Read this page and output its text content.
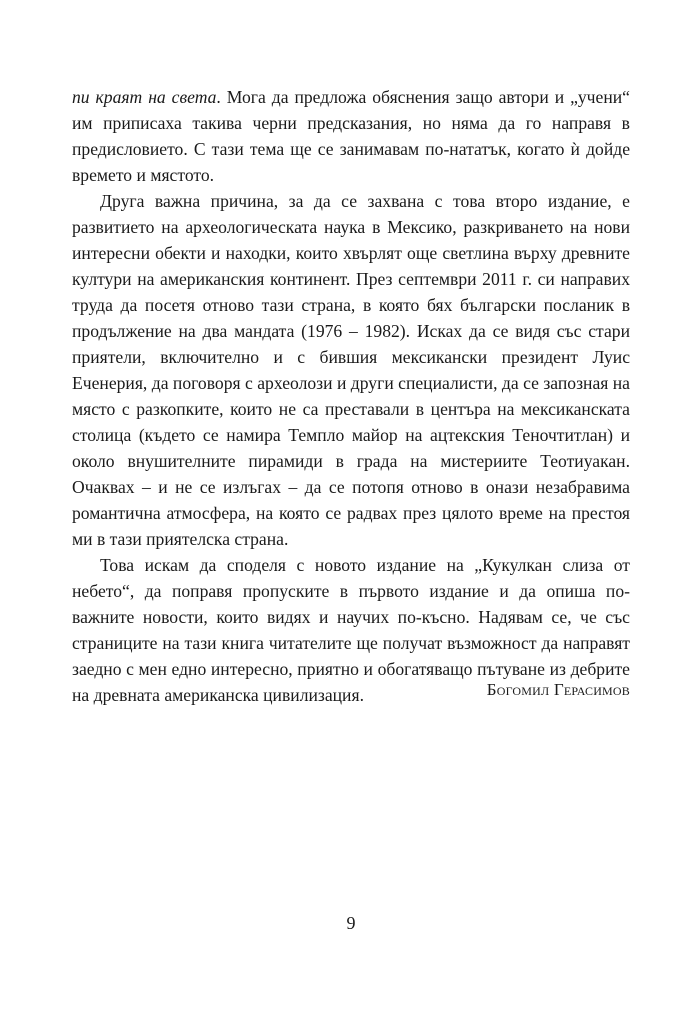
пи краят на света. Мога да предложа обяснения защо автори и „учени“ им приписаха такива черни предсказания, но няма да го направя в предисловието. С тази тема ще се занимавам по-нататък, когато ѝ дойде времето и мястото.

Друга важна причина, за да се захвана с това второ издание, е развитието на археологическата наука в Мексико, разкриването на нови интересни обекти и находки, които хвърлят още светлина върху древните култури на американския континент. През септември 2011 г. си направих труда да посетя отново тази страна, в която бях български посланик в продължение на два мандата (1976 – 1982). Исках да се видя със стари приятели, включително и с бившия мексикански президент Луис Еченерия, да поговоря с археолози и други специалисти, да се запозная на място с разкопките, които не са преставали в центъра на мексиканската столица (където се намира Темпло майор на ацтекския Теночтитлан) и около внушителните пирамиди в града на мистериите Теотиуакан. Очаквах – и не се излъгах – да се потопя отново в онази незабравима романтична атмосфера, на която се радвах през цялото време на престоя ми в тази приятелска страна.

Това искам да споделя с новото издание на „Кукулкан слиза от небето“, да поправя пропуските в първото издание и да опиша по-важните новости, които видях и научих по-късно. Надявам се, че със страниците на тази книга читателите ще получат възможност да направят заедно с мен едно интересно, приятно и обогатяващо пътуване из дебрите на древната американска цивилизация.	Богомил Герасимов
9
